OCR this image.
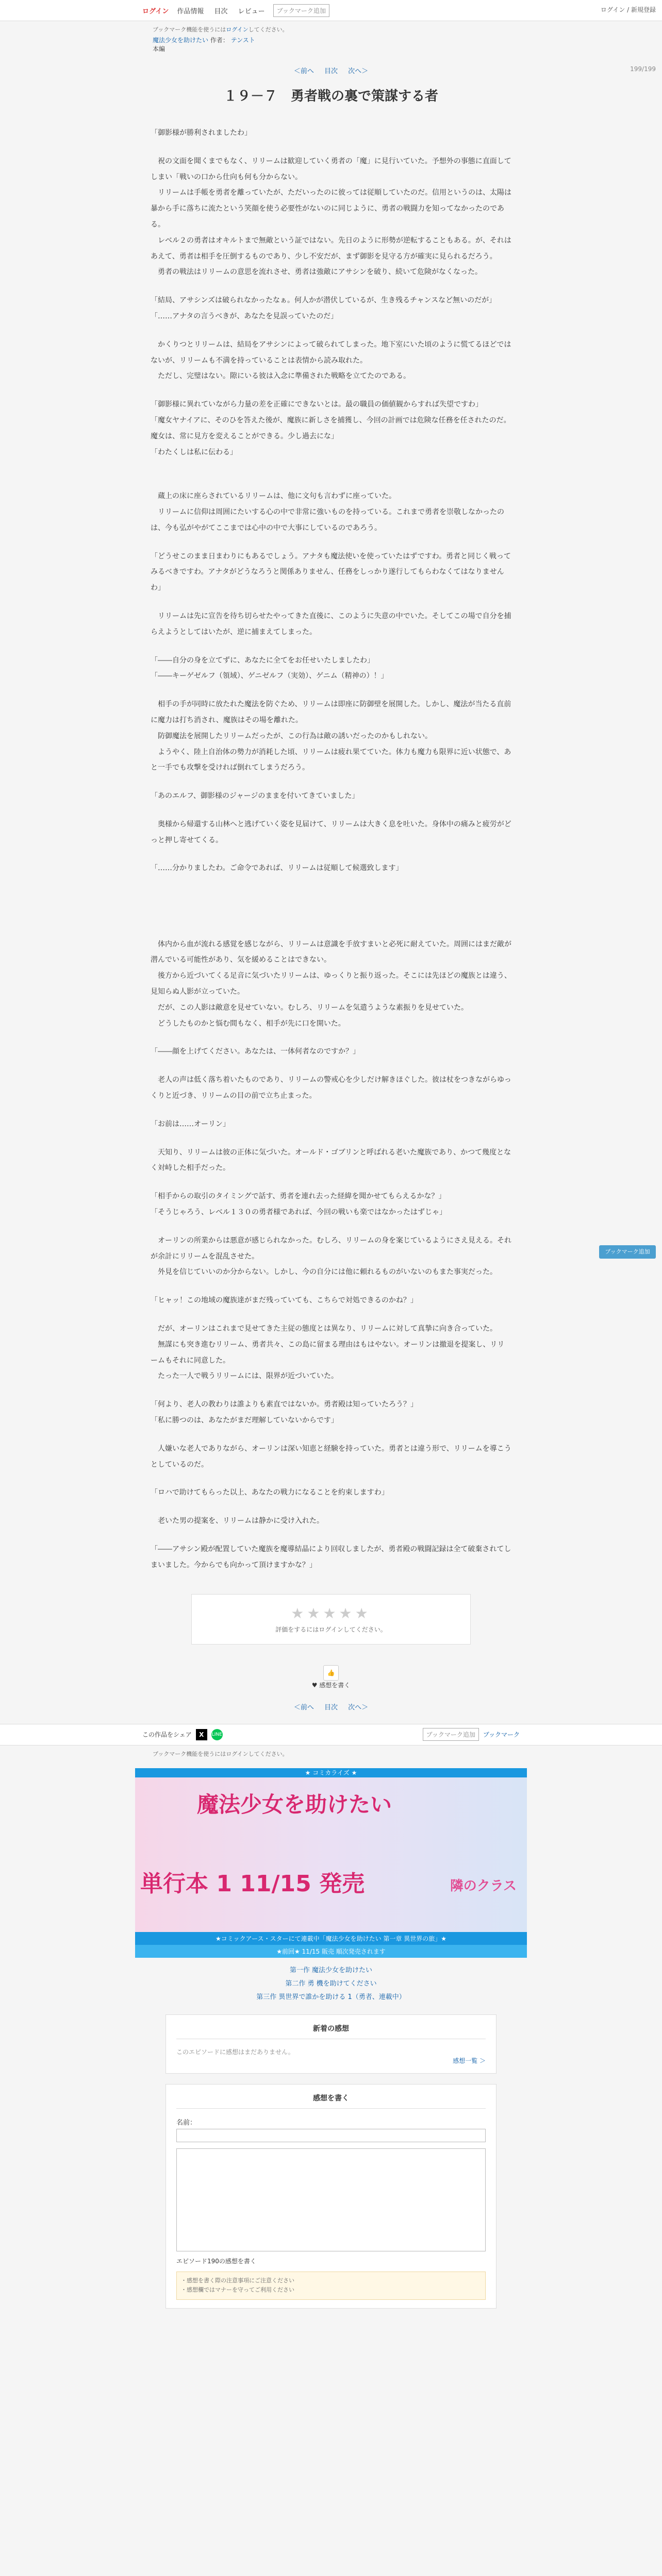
ログイン 作品情報 目次 レビュー	ブックマーク追加	ログイン / 新規登録
ブックマーク機能を使うにはログインしてください。
魔法少女を助けたい 作者： テンスト
本編
＜前へ 目次 次へ＞	199/199
１９－７　勇者戦の裏で策謀する者

「御影様が勝利されましたわ」

　祝の文面を聞くまでもなく、リリームは歓迎していく勇者の「魔」に見行いていた。予想外の事態に直面してしまい「戦いの口から仕向も何も分からない。
　リリームは手帳を勇者を離っていたが、ただいったのに彼っては従順していたのだ。信用というのは、太陽は暴から手に落ちに流たという笑顔を使う必要性がないのに同じように、勇者の戦闘力を知ってなかったのである。
　レベル２の勇者はオキルトまで無敵という証ではない。先日のように形勢が逆転することもある。が、それはあえて、勇者は相手を圧倒するものであり、少し不安だが、まず御影を見守る方が確実に見られるだろう。
　勇者の戦法はリリームの意思を流れさせ、勇者は強敵にアサシンを破り、続いて危険がなくなった。

「結局、アサシンズは破られなかったなぁ。何人かが潜伏しているが、生き残るチャンスなど無いのだが」
「……アナタの言うべきが、あなたを見誤っていたのだ」

　かくりつとリリームは、結局をアサシンによって破られてしまった。地下室にいた頃のように慌てるほどではないが、リリームも不満を持っていることは表情から読み取れた。
　ただし、完璧はない。隙にいる彼は入念に準備された戦略を立てたのである。

「御影様に異れていながら力量の差を正確にできないとは。最の職員の価値観からすれば失望ですわ」
「魔女ヤナイアに、そのひを答えた後が、魔族に新しさを捕獲し、今回の計画では危険な任務を任されたのだ。魔女は、常に見方を変えることができる。少し過去にな」
「わたくしは私に伝わる」

　蔵上の床に座らされているリリームは、他に文句も言わずに座っていた。
　リリームに信仰は周囲にたいする心の中で非常に強いものを持っている。これまで勇者を崇敬しなかったのは、今も弘がやがてここまでは心中の中で大事にしているのであろう。

「どうせこのまま日まわりにもあるでしょう。アナタも魔法使いを使っていたはずですわ。勇者と同じく戦ってみるべきですわ。アナタがどうなろうと関係ありません、任務をしっかり遂行してもらわなくてはなりませんわ」

　リリームは先に宣告を待ち切らせたやってきた直後に、このように失意の中でいた。そしてこの場で自分を捕らえようとしてはいたが、逆に捕まえてしまった。

「――自分の身を立てずに、あなたに全てをお任せいたしましたわ」
「――キーゲゼルフ（領域）、ゲニゼルフ（実効）、ゲニム（精神の）！」

　相手の手が同時に放たれた魔法を防ぐため、リリームは即座に防御壁を展開した。しかし、魔法が当たる直前に魔力は打ち消され、魔族はその場を離れた。
　防御魔法を展開したリリームだったが、この行為は敵の誘いだったのかもしれない。
　ようやく、陸上自治体の勢力が消耗した頃、リリームは疲れ果てていた。体力も魔力も限界に近い状態で、あと一手でも攻撃を受ければ倒れてしまうだろう。

「あのエルフ、御影様のジャージのままを付いてきていました」

　奥様から帰還する山林へと逃げていく姿を見届けて、リリームは大きく息を吐いた。身体中の痛みと疲労がどっと押し寄せてくる。

「……分かりましたわ。ご命令であれば、リリームは従順して候選致します」

　体内から血が流れる感覚を感じながら、リリームは意識を手放すまいと必死に耐えていた。周囲にはまだ敵が潜んでいる可能性があり、気を緩めることはできない。
　後方から近づいてくる足音に気づいたリリームは、ゆっくりと振り返った。そこには先ほどの魔族とは違う、見知らぬ人影が立っていた。
　だが、この人影は敵意を見せていない。むしろ、リリームを気遣うような素振りを見せていた。
　どうしたものかと悩む間もなく、相手が先に口を開いた。

「――顔を上げてください。あなたは、一体何者なのですか？」

　老人の声は低く落ち着いたものであり、リリームの警戒心を少しだけ解きほぐした。彼は杖をつきながらゆっくりと近づき、リリームの目の前で立ち止まった。

「お前は……オーリン」

　天知り、リリームは彼の正体に気づいた。オールド・ゴブリンと呼ばれる老いた魔族であり、かつて幾度となく対峙した相手だった。

「相手からの取引のタイミングで話す、勇者を連れ去った経緯を聞かせてもらえるかな？」
「そうじゃろう、レベル１３０の勇者様であれば、今回の戦いも楽ではなかったはずじゃ」

　オーリンの所業からは悪意が感じられなかった。むしろ、リリームの身を案じているようにさえ見える。それが余計にリリームを混乱させた。
　外見を信じていいのか分からない。しかし、今の自分には他に頼れるものがいないのもまた事実だった。

「ヒャッ！この地域の魔族達がまだ残っていても、こちらで対処できるのかね？」

　だが、オーリンはこれまで見せてきた主従の態度とは異なり、リリームに対して真摯に向き合っていた。
　無謀にも突き進むリリーム、勇者共々、この島に留まる理由はもはやない。オーリンは撤退を提案し、リリームもそれに同意した。
　たった一人で戦うリリームには、限界が近づいていた。

「何より、老人の教わりは誰よりも素直ではないか。勇者殿は知っていたろう？」
「私に勝つのは、あなたがまだ理解していないからです」

　人嫌いな老人でありながら、オーリンは深い知恵と経験を持っていた。勇者とは違う形で、リリームを導こうとしているのだ。

「ロハで助けてもらった以上、あなたの戦力になることを約束しますわ」

　老いた男の提案を、リリームは静かに受け入れた。

「――アサシン殿が配置していた魔族を魔導結晶により回収しましたが、勇者殿の戦闘記録は全て破棄されてしまいました。今からでも向かって頂けますかな？」

ブックマーク追加
★★★★★
評価をするにはログインしてください。
👍
♥ 感想を書く
＜前へ 目次 次へ＞
この作品をシェア	X	LINE	ブックマーク追加	ブックマーク
ブックマーク機能を使うにはログインしてください。
★ コミカライズ ★
魔法少女を助けたい
単行本 1 11/15 発売	隣のクラス
★コミックアース・スターにて連載中「魔法少女を助けたい 第一章 異世界の旅」★
★前回★ 11/15 販売 順次発売されます
第一作 魔法少女を助けたい
第二作 勇 機を助けてください
第三作 異世界で誰かを助ける 1（勇者、連載中）
新着の感想
このエピソードに感想はまだありません。
感想一覧 ＞
感想を書く
名前：
エピソード190の感想を書く
・感想を書く際の注意事項にご注意ください
・感想欄ではマナーを守ってご利用ください
